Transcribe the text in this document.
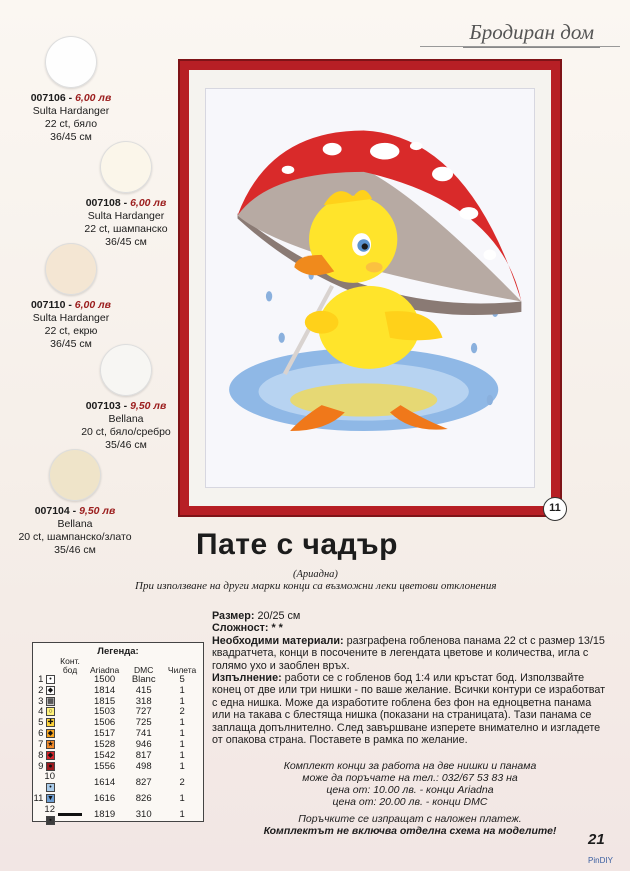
Бродиран дом
007106 - 6,00 лв
Sulta Hardanger
22 ct, бяло
36/45 см
007108 - 6,00 лв
Sulta Hardanger
22 ct, шампанско
36/45 см
007110 - 6,00 лв
Sulta Hardanger
22 ct, екрю
36/45 см
007103 - 9,50 лв
Bellana
20 ct, бяло/сребро
35/46 см
007104 - 9,50 лв
Bellana
20 ct, шампанско/злато
35/46 см
11
Пате с чадър
(Ариадна)
При използване на други марки конци са възможни леки цветови отклонения
Легенда:
	Конт. бод	Ariadna	DMC	Чилета
1 •		1500	Blanc	5
2 ◆		1814	415	1
3 ▦		1815	318	1
4 ○		1503	727	2
5 ✚		1506	725	1
6 ◆		1517	741	1
7 ★		1528	946	1
8 ◆		1542	817	1
9 ●		1556	498	1
10 •		1614	827	2
11 ▼		1616	826	1
12 ▪		1819	310	1
Размер: 20/25 см
Сложност: * *
Необходими материали: разграфена гобленова панама 22 ct с размер 13/15 квадратчета, конци в посочените в легендата цветове и количества, игла с голямо ухо и заоблен връх.
Изпълнение: работи се с гобленов бод 1:4 или кръстат бод. Използвайте конец от две или три нишки - по ваше желание. Всички контури се изработват с една нишка. Може да изработите гоблена без фон на едноцветна панама или на такава с блестяща нишка (показани на страницата). Тази панама се заплаща допълнително. След завършване изперете внимателно и изгладете от опакова страна. Поставете в рамка по желание.
Комплект конци за работа на две нишки и панама
може да поръчате на тел.: 032/67 53 83 на
цена от: 10.00 лв. - конци Ariadna
цена от: 20.00 лв. - конци DMC
Поръчките се изпращат с наложен платеж.
Комплектът не включва отделна схема на моделите!	21
PinDIY
